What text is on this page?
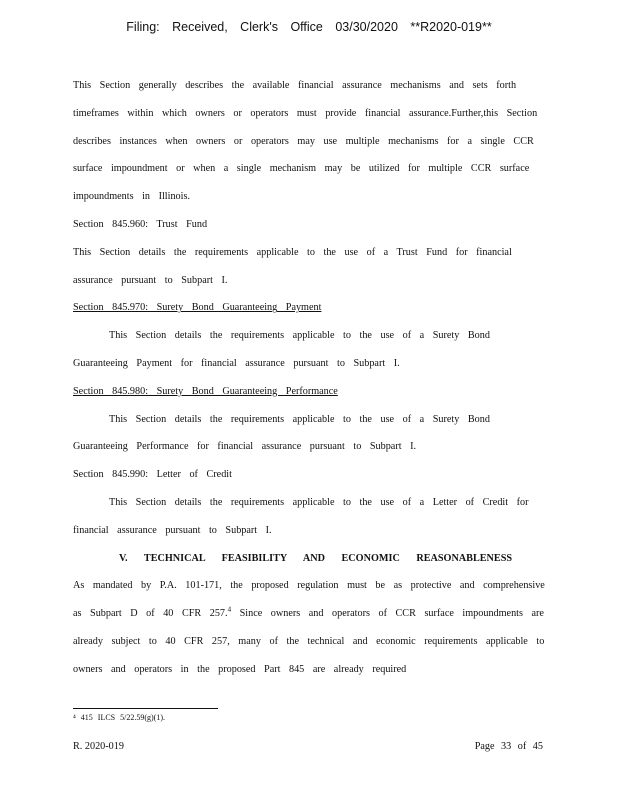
Filing: Received, Clerk's Office 03/30/2020 **R2020-019**

This Section generally describes the available financial assurance mechanisms and sets forth timeframes within which owners or operators must provide financial assurance.Further,this Section describes instances when owners or operators may use multiple mechanisms for a single CCR surface impoundment or when a single mechanism may be utilized for multiple CCR surface impoundments in Illinois.

Section 845.960: Trust Fund

This Section details the requirements applicable to the use of a Trust Fund for financial assurance pursuant to Subpart I.

Section 845.970: Surety Bond Guaranteeing Payment

This Section details the requirements applicable to the use of a Surety Bond Guaranteeing Payment for financial assurance pursuant to Subpart I.

Section 845.980: Surety Bond Guaranteeing Performance

This Section details the requirements applicable to the use of a Surety Bond Guaranteeing Performance for financial assurance pursuant to Subpart I.

Section 845.990: Letter of Credit

This Section details the requirements applicable to the use of a Letter of Credit for financial assurance pursuant to Subpart I.

V. TECHNICAL FEASIBILITY AND ECONOMIC REASONABLENESS

As mandated by P.A. 101-171, the proposed regulation must be as protective and comprehensive as Subpart D of 40 CFR 257.$^4$ Since owners and operators of CCR surface impoundments are already subject to 40 CFR 257, many of the technical and economic requirements applicable to owners and operators in the proposed Part 845 are already required

⁴ 415 ILCS 5/22.59(g)(1).
R. 2020-019	Page 33 of 45
